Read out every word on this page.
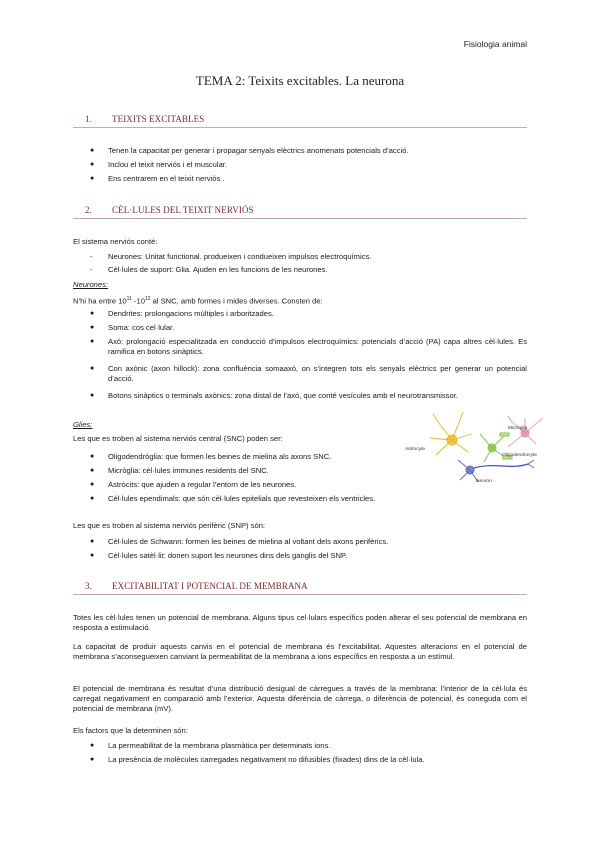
Fisiologia animal
TEMA 2: Teixits excitables. La neurona
1. TEIXITS EXCITABLES
● Tenen la capacitat per generar i propagar senyals elèctrics anomenats potencials d’acció.
● Inclou el teixit nerviós i el muscular.
● Ens centrarem en el teixit nerviós .
2. CÈL·LULES DEL TEIXIT NERVIÓS
El sistema nerviós conté:
- Neurones: Unitat functional. produeixen i condueixen impulsos electroquímics.
- Cèl·lules de suport: Glia. Ajuden en les funcions de les neurones.
Neurones:
N’hi ha entre $10^{11}$ $-10^{12}$ al SNC, amb formes i mides diverses. Consten de:
● Dendrites: prolongacions múltiples i arboritzades.
● Soma: cos cel·lular.
● Axó: prolongació especialitzada en conducció d’impulsos electroquímics: potencials d’acció (PA) capa altres cèl·lules. Es ramifica en botons sinàptics.
● Con axònic (axon hillock): zona confluència somaaxó, on s’integren tots els senyals elèctrics per generar un potencial d’acció.
● Botons sinàptics o terminals axònics: zona distal de l’axó, que conté vesícules amb el neurotransmissor.
Glies:
Les que es troben al sistema nerviós central (SNC) poden ser:
● Oligodendròglia: que formen les beines de mielina als axons SNC.
● Micròglia: cèl·lules immunes residents del SNC.
● Astròcits: que ajuden a regular l’entorn de les neurones.
● Cèl·lules ependimals: que són cèl·lules epitelials que revesteixen els ventricles.
Les que es troben al sistema nerviós perifèric (SNP) són:
● Cèl·lules de Schwann: formen les beines de mielina al voltant dels axons perifèrics.
● Cèl·lules satèl·lit: donen suport les neurones dins dels ganglis del SNP.
Micròglia
Astrocyte
Oligodendrocyte
Neuron
3. EXCITABILITAT I POTENCIAL DE MEMBRANA
Totes les cèl·lules tenen un potencial de membrana. Alguns tipus cel·lulars específics poden alterar el seu potencial de membrana en resposta a estimulació.
La capacitat de produir aquests canvis en el potencial de membrana és l’excitabilitat. Aquestes alteracions en el potencial de membrana s’aconsegueixen canviant la permeabilitat de la membrana a ions específics en resposta a un estímul.
El potencial de membrana és resultat d’una distribució desigual de càrregues a través de la membrana: l’interior de la cèl·lula és carregat negativament en comparació amb l’exterior. Aquesta diferència de càrrega, o diferència de potencial, és coneguda com el potencial de membrana (mV).
Els factors que la determinen són:
● La permeabilitat de la membrana plasmàtica per determinats ions.
● La presència de molècules carregades negativament no difusibles (fixades) dins de la cèl·lula.
